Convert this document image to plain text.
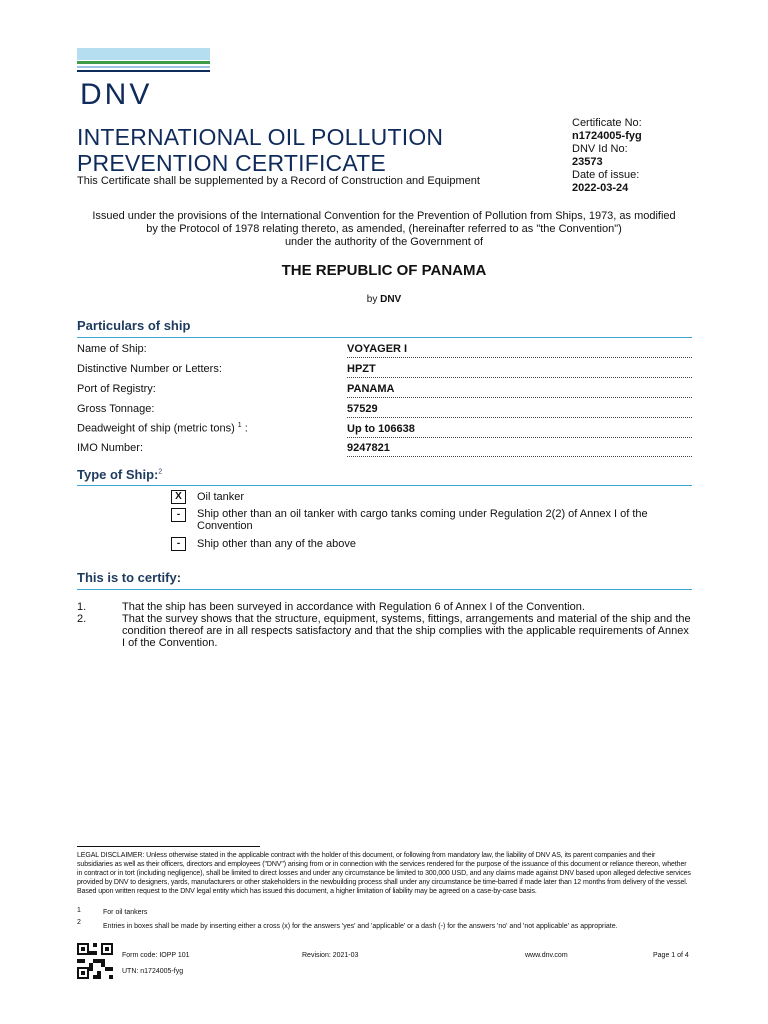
DNV
INTERNATIONAL OIL POLLUTION
PREVENTION CERTIFICATE
This Certificate shall be supplemented by a Record of Construction and Equipment
Certificate No:
n1724005-fyg
DNV Id No:
23573
Date of issue:
2022-03-24
Issued under the provisions of the International Convention for the Prevention of Pollution from Ships, 1973, as modified
by the Protocol of 1978 relating thereto, as amended, (hereinafter referred to as "the Convention")
under the authority of the Government of
THE REPUBLIC OF PANAMA
by DNV
Particulars of ship
Name of Ship:	VOYAGER I
Distinctive Number or Letters:	HPZT
Port of Registry:	PANAMA
Gross Tonnage:	57529
Deadweight of ship (metric tons) $^1$ :	Up to 106638
IMO Number:	9247821
Type of Ship:$^2$
X	Oil tanker
-	Ship other than an oil tanker with cargo tanks coming under Regulation 2(2) of Annex I of the Convention
-	Ship other than any of the above
This is to certify:
1.	That the ship has been surveyed in accordance with Regulation 6 of Annex I of the Convention.
2.	That the survey shows that the structure, equipment, systems, fittings, arrangements and material of the ship and the condition thereof are in all respects satisfactory and that the ship complies with the applicable requirements of Annex I of the Convention.
LEGAL DISCLAIMER: Unless otherwise stated in the applicable contract with the holder of this document, or following from mandatory law, the liability of DNV AS, its parent companies and their subsidiaries as well as their officers, directors and employees ("DNV") arising from or in connection with the services rendered for the purpose of the issuance of this document or reliance thereon, whether in contract or in tort (including negligence), shall be limited to direct losses and under any circumstance be limited to 300,000 USD, and any claims made against DNV based upon alleged defective services provided by DNV to designers, yards, manufacturers or other stakeholders in the newbuilding process shall under any circumstance be time-barred if made later than 12 months from delivery of the vessel. Based upon written request to the DNV legal entity which has issued this document, a higher limitation of liability may be agreed on a case-by-case basis.
1	For oil tankers
2
Entries in boxes shall be made by inserting either a cross (x) for the answers 'yes' and 'applicable' or a dash (-) for the answers 'no' and 'not applicable' as appropriate.
Form code: IOPP 101	Revision: 2021-03	www.dnv.com	Page 1 of 4
UTN: n1724005-fyg
